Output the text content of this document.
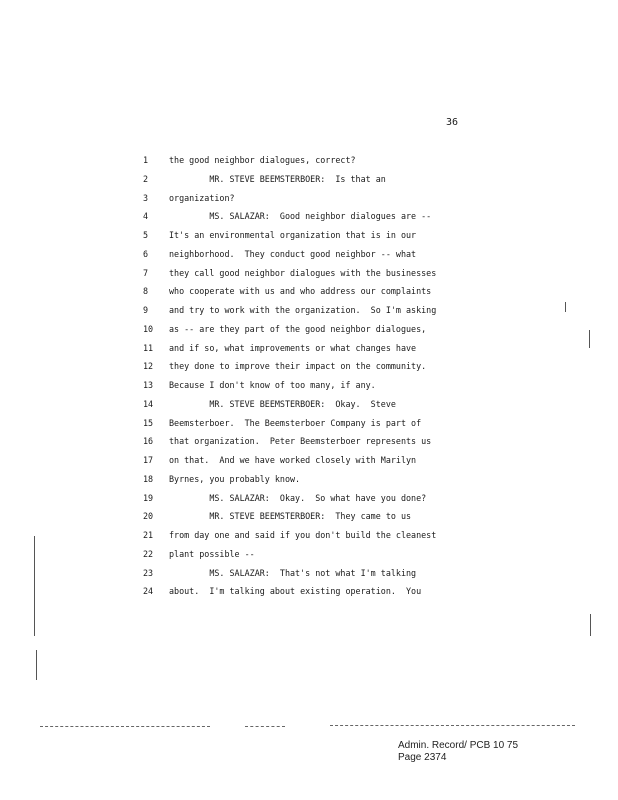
36
1	the good neighbor dialogues, correct?
2	MR. STEVE BEEMSTERBOER:  Is that an
3	organization?
4	MS. SALAZAR:  Good neighbor dialogues are --
5	It's an environmental organization that is in our
6	neighborhood.  They conduct good neighbor -- what
7	they call good neighbor dialogues with the businesses
8	who cooperate with us and who address our complaints
9	and try to work with the organization.  So I'm asking
10 as -- are they part of the good neighbor dialogues,
11 and if so, what improvements or what changes have
12 they done to improve their impact on the community.
13 Because I don't know of too many, if any.
14 MR. STEVE BEEMSTERBOER:  Okay.  Steve
15 Beemsterboer.  The Beemsterboer Company is part of
16 that organization.  Peter Beemsterboer represents us
17 on that.  And we have worked closely with Marilyn
18 Byrnes, you probably know.
19 MS. SALAZAR:  Okay.  So what have you done?
20 MR. STEVE BEEMSTERBOER:  They came to us
21 from day one and said if you don't build the cleanest
22 plant possible --
23 MS. SALAZAR:  That's not what I'm talking
24 about.  I'm talking about existing operation.  You
Admin. Record/ PCB 10 75
Page 2374
